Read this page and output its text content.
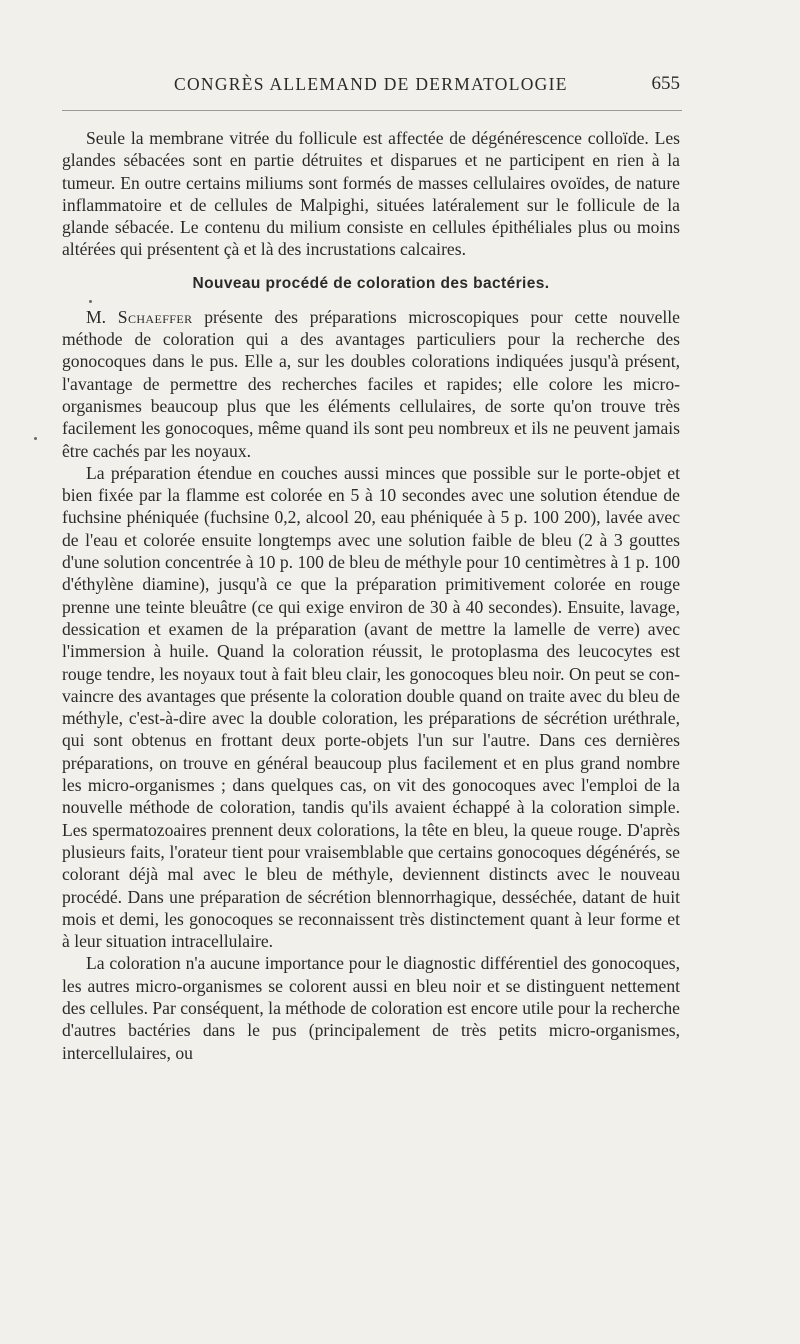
CONGRÈS ALLEMAND DE DERMATOLOGIE	655

Seule la membrane vitrée du follicule est affectée de dégénérescence colloïde. Les glandes sébacées sont en partie détruites et disparues et ne participent en rien à la tumeur. En outre certains miliums sont formés de masses cellulaires ovoïdes, de nature inflammatoire et de cellules de Malpighi, situées latéralement sur le follicule de la glande sébacée. Le contenu du milium consiste en cellules épithéliales plus ou moins altérées qui présentent çà et là des incrustations calcaires.

Nouveau procédé de coloration des bactéries.

M. Schaeffer présente des préparations microscopiques pour cette nouvelle méthode de coloration qui a des avantages particuliers pour la recherche des gonocoques dans le pus. Elle a, sur les doubles colorations indiquées jusqu'à présent, l'avantage de permettre des recherches faciles et rapides; elle colore les micro-organismes beaucoup plus que les éléments cellulaires, de sorte qu'on trouve très facilement les gonocoques, même quand ils sont peu nombreux et ils ne peuvent jamais être cachés par les noyaux.

La préparation étendue en couches aussi minces que possible sur le porte-objet et bien fixée par la flamme est colorée en 5 à 10 secondes avec une solution étendue de fuchsine phéniquée (fuchsine 0,2, alcool 20, eau phéniquée à 5 p. 100 200), lavée avec de l'eau et colorée ensuite longtemps avec une solution faible de bleu (2 à 3 gouttes d'une solution concentrée à 10 p. 100 de bleu de méthyle pour 10 centimètres à 1 p. 100 d'éthylène diamine), jusqu'à ce que la préparation primitivement colorée en rouge prenne une teinte bleuâtre (ce qui exige environ de 30 à 40 secondes). Ensuite, lavage, dessication et examen de la préparation (avant de mettre la lamelle de verre) avec l'immersion à huile. Quand la coloration réussit, le protoplasma des leucocytes est rouge tendre, les noyaux tout à fait bleu clair, les gonocoques bleu noir. On peut se convaincre des avantages que présente la coloration double quand on traite avec du bleu de méthyle, c'est-à-dire avec la double coloration, les préparations de sécrétion uréthrale, qui sont obtenus en frottant deux porte-objets l'un sur l'autre. Dans ces dernières préparations, on trouve en général beaucoup plus facilement et en plus grand nombre les micro-organismes ; dans quelques cas, on vit des gonocoques avec l'emploi de la nouvelle méthode de coloration, tandis qu'ils avaient échappé à la coloration simple. Les spermatozoaires prennent deux colorations, la tête en bleu, la queue rouge. D'après plusieurs faits, l'orateur tient pour vraisemblable que certains gonocoques dégénérés, se colorant déjà mal avec le bleu de méthyle, deviennent distincts avec le nouveau procédé. Dans une préparation de sécrétion blennorrhagique, desséchée, datant de huit mois et demi, les gonocoques se reconnaissent très distinctement quant à leur forme et à leur situation intracellulaire.

La coloration n'a aucune importance pour le diagnostic différentiel des gonocoques, les autres micro-organismes se colorent aussi en bleu noir et se distinguent nettement des cellules. Par conséquent, la méthode de coloration est encore utile pour la recherche d'autres bactéries dans le pus (principalement de très petits micro-organismes, intercellulaires, ou
